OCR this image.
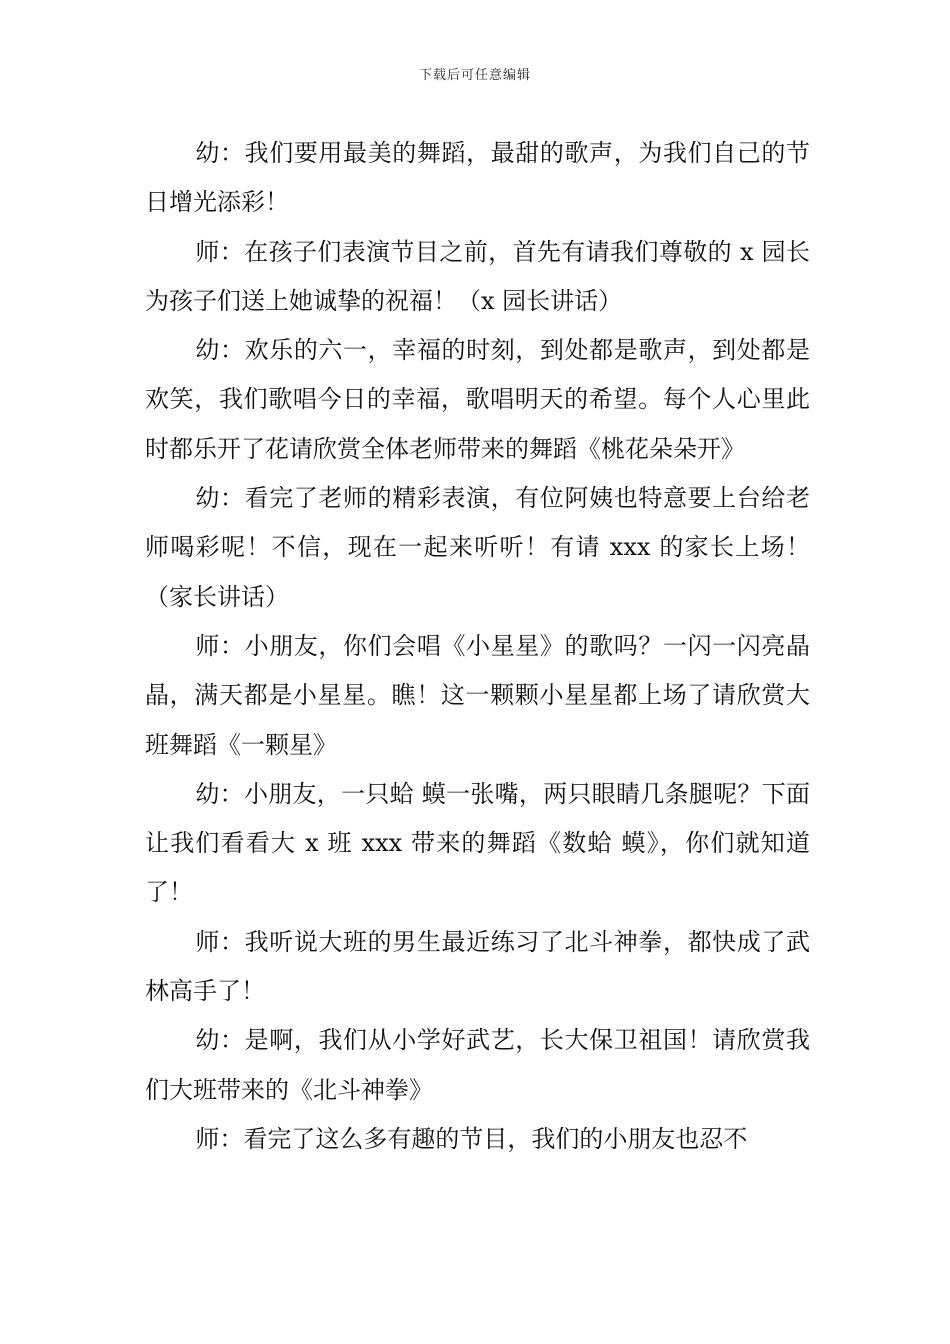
下载后可任意编辑

幼：我们要用最美的舞蹈，最甜的歌声，为我们自己的节日增光添彩！

师：在孩子们表演节目之前，首先有请我们尊敬的 x 园长为孩子们送上她诚挚的祝福！（x 园长讲话）

幼：欢乐的六一，幸福的时刻，到处都是歌声，到处都是欢笑，我们歌唱今日的幸福，歌唱明天的希望。每个人心里此时都乐开了花请欣赏全体老师带来的舞蹈《桃花朵朵开》

幼：看完了老师的精彩表演，有位阿姨也特意要上台给老师喝彩呢！不信，现在一起来听听！有请 xxx 的家长上场！（家长讲话）

师：小朋友，你们会唱《小星星》的歌吗？一闪一闪亮晶晶，满天都是小星星。瞧！这一颗颗小星星都上场了请欣赏大班舞蹈《一颗星》

幼：小朋友，一只蛤 蟆一张嘴，两只眼睛几条腿呢？下面让我们看看大 x 班 xxx 带来的舞蹈《数蛤 蟆》，你们就知道了！

师：我听说大班的男生最近练习了北斗神拳，都快成了武林高手了！

幼：是啊，我们从小学好武艺，长大保卫祖国！请欣赏我们大班带来的《北斗神拳》

师：看完了这么多有趣的节目，我们的小朋友也忍不
